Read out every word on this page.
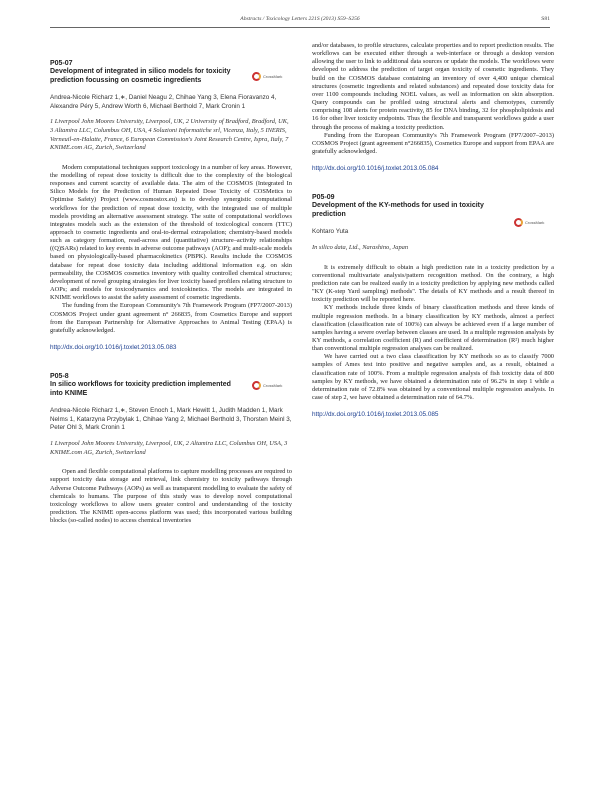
Abstracts / Toxicology Letters 221S (2013) S59–S256	S81
P05-07
Development of integrated in silico models for toxicity prediction focussing on cosmetic ingredients
CrossMark
Andrea-Nicole Richarz 1,∗, Daniel Neagu 2, Chihae Yang 3, Elena Fioravanzo 4, Alexandre Péry 5, Andrew Worth 6, Michael Berthold 7, Mark Cronin 1
1 Liverpool John Moores University, Liverpool, UK, 2 University of Bradford, Bradford, UK, 3 Altamira LLC, Columbus OH, USA, 4 Soluzioni Informatiche srl, Vicenza, Italy, 5 INERIS, Verneuil-en-Halatte, France, 6 European Commission's Joint Research Centre, Ispra, Italy, 7 KNIME.com AG, Zurich, Switzerland

Modern computational techniques support toxicology in a number of key areas. However, the modelling of repeat dose toxicity is difficult due to the complexity of the biological responses and current scarcity of available data. The aim of the COSMOS (Integrated In Silico Models for the Prediction of Human Repeated Dose Toxicity of COSMetics to Optimise Safety) Project (www.cosmostox.eu) is to develop synergistic computational workflows for the prediction of repeat dose toxicity, with the integrated use of multiple models providing an alternative assessment strategy. The suite of computational workflows integrates models such as the extension of the threshold of toxicological concern (TTC) approach to cosmetic ingredients and oral-to-dermal extrapolation; chemistry-based models such as category formation, read-across and (quantitative) structure–activity relationships ((Q)SARs) related to key events in adverse outcome pathways (AOP); and multi-scale models based on physiologically-based pharmacokinetics (PBPK). Results include the COSMOS database for repeat dose toxicity data including additional information e.g. on skin permeability, the COSMOS cosmetics inventory with quality controlled chemical structures; development of novel grouping strategies for liver toxicity based profilers relating structure to AOPs; and models for toxicodynamics and toxicokinetics. The models are integrated in KNIME workflows to assist the safety assessment of cosmetic ingredients.

The funding from the European Community's 7th Framework Program (FP7/2007-2013) COSMOS Project under grant agreement n° 266835, from Cosmetics Europe and support from the European Partnership for Alternative Approaches to Animal Testing (EPAA) is gratefully acknowledged.

http://dx.doi.org/10.1016/j.toxlet.2013.05.083
P05-8
In silico workflows for toxicity prediction implemented into KNIME
CrossMark
Andrea-Nicole Richarz 1,∗, Steven Enoch 1, Mark Hewitt 1, Judith Madden 1, Mark Nelms 1, Katarzyna Przybylak 1, Chihae Yang 2, Michael Berthold 3, Thorsten Meinl 3, Peter Ohl 3, Mark Cronin 1
1 Liverpool John Moores University, Liverpool, UK, 2 Altamira LLC, Columbus OH, USA, 3 KNIME.com AG, Zurich, Switzerland

Open and flexible computational platforms to capture modelling processes are required to support toxicity data storage and retrieval, link chemistry to toxicity pathways through Adverse Outcome Pathways (AOPs) as well as transparent modelling to evaluate the safety of chemicals to humans. The purpose of this study was to develop novel computational toxicology workflows to allow users greater control and understanding of the toxicity prediction. The KNIME open-access platform was used; this incorporated various building blocks (so-called nodes) to access chemical inventories

and/or databases, to profile structures, calculate properties and to report prediction results. The workflows can be executed either through a web-interface or through a desktop version allowing the user to link to additional data sources or update the models. The workflows were developed to address the prediction of target organ toxicity of cosmetic ingredients. They build on the COSMOS database containing an inventory of over 4,400 unique chemical structures (cosmetic ingredients and related substances) and repeated dose toxicity data for over 1100 compounds including NOEL values, as well as information on skin absorption. Query compounds can be profiled using structural alerts and chemotypes, currently comprising 108 alerts for protein reactivity, 85 for DNA binding, 32 for phospholipidosis and 16 for other liver toxicity endpoints. Thus the flexible and transparent workflows guide a user through the process of making a toxicity prediction.

Funding from the European Community's 7th Framework Program (FP7/2007–2013) COSMOS Project (grant agreement n°266835), Cosmetics Europe and support from EPAA are gratefully acknowledged.

http://dx.doi.org/10.1016/j.toxlet.2013.05.084
P05-09
Development of the KY-methods for used in toxicity prediction
CrossMark
Kohtaro Yuta
In silico data, Ltd., Narashino, Japan

It is extremely difficult to obtain a high prediction rate in a toxicity prediction by a conventional multivariate analysis/pattern recognition method. On the contrary, a high prediction rate can be realized easily in a toxicity prediction by applying new methods called "KY (K-step Yard sampling) methods". The details of KY methods and a result thereof in toxicity prediction will be reported here.

KY methods include three kinds of binary classification methods and three kinds of multiple regression methods. In a binary classification by KY methods, almost a perfect classification (classification rate of 100%) can always be achieved even if a large number of samples having a severe overlap between classes are used. In a multiple regression analysis by KY methods, a correlation coefficient (R) and coefficient of determination (R²) much higher than conventional multiple regression analyses can be realized.

We have carried out a two class classification by KY methods so as to classify 7000 samples of Ames test into positive and negative samples and, as a result, obtained a classification rate of 100%. From a multiple regression analysis of fish toxicity data of 800 samples by KY methods, we have obtained a determination rate of 96.2% in step 1 while a determination rate of 72.8% was obtained by a conventional multiple regression analysis. In case of step 2, we have obtained a determination rate of 64.7%.

http://dx.doi.org/10.1016/j.toxlet.2013.05.085
